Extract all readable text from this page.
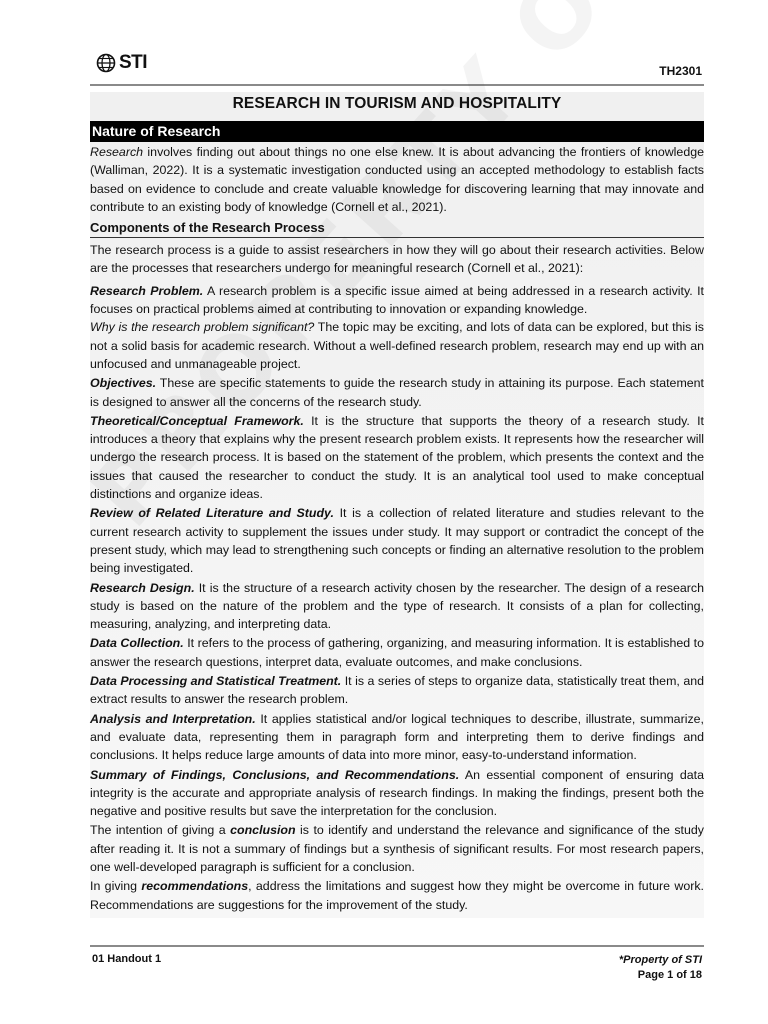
STI	TH2301
RESEARCH IN TOURISM AND HOSPITALITY
Nature of Research

Research involves finding out about things no one else knew. It is about advancing the frontiers of knowledge (Walliman, 2022). It is a systematic investigation conducted using an accepted methodology to establish facts based on evidence to conclude and create valuable knowledge for discovering learning that may innovate and contribute to an existing body of knowledge (Cornell et al., 2021).

Components of the Research Process

The research process is a guide to assist researchers in how they will go about their research activities. Below are the processes that researchers undergo for meaningful research (Cornell et al., 2021):

Research Problem. A research problem is a specific issue aimed at being addressed in a research activity. It focuses on practical problems aimed at contributing to innovation or expanding knowledge.

Why is the research problem significant? The topic may be exciting, and lots of data can be explored, but this is not a solid basis for academic research. Without a well-defined research problem, research may end up with an unfocused and unmanageable project.

Objectives. These are specific statements to guide the research study in attaining its purpose. Each statement is designed to answer all the concerns of the research study.

Theoretical/Conceptual Framework. It is the structure that supports the theory of a research study. It introduces a theory that explains why the present research problem exists. It represents how the researcher will undergo the research process. It is based on the statement of the problem, which presents the context and the issues that caused the researcher to conduct the study. It is an analytical tool used to make conceptual distinctions and organize ideas.

Review of Related Literature and Study. It is a collection of related literature and studies relevant to the current research activity to supplement the issues under study. It may support or contradict the concept of the present study, which may lead to strengthening such concepts or finding an alternative resolution to the problem being investigated.

Research Design. It is the structure of a research activity chosen by the researcher. The design of a research study is based on the nature of the problem and the type of research. It consists of a plan for collecting, measuring, analyzing, and interpreting data.

Data Collection. It refers to the process of gathering, organizing, and measuring information. It is established to answer the research questions, interpret data, evaluate outcomes, and make conclusions.

Data Processing and Statistical Treatment. It is a series of steps to organize data, statistically treat them, and extract results to answer the research problem.

Analysis and Interpretation. It applies statistical and/or logical techniques to describe, illustrate, summarize, and evaluate data, representing them in paragraph form and interpreting them to derive findings and conclusions. It helps reduce large amounts of data into more minor, easy-to-understand information.

Summary of Findings, Conclusions, and Recommendations. An essential component of ensuring data integrity is the accurate and appropriate analysis of research findings. In making the findings, present both the negative and positive results but save the interpretation for the conclusion.

The intention of giving a conclusion is to identify and understand the relevance and significance of the study after reading it. It is not a summary of findings but a synthesis of significant results. For most research papers, one well-developed paragraph is sufficient for a conclusion.

In giving recommendations, address the limitations and suggest how they might be overcome in future work. Recommendations are suggestions for the improvement of the study.

01 Handout 1	*Property of STI
Page 1 of 18
